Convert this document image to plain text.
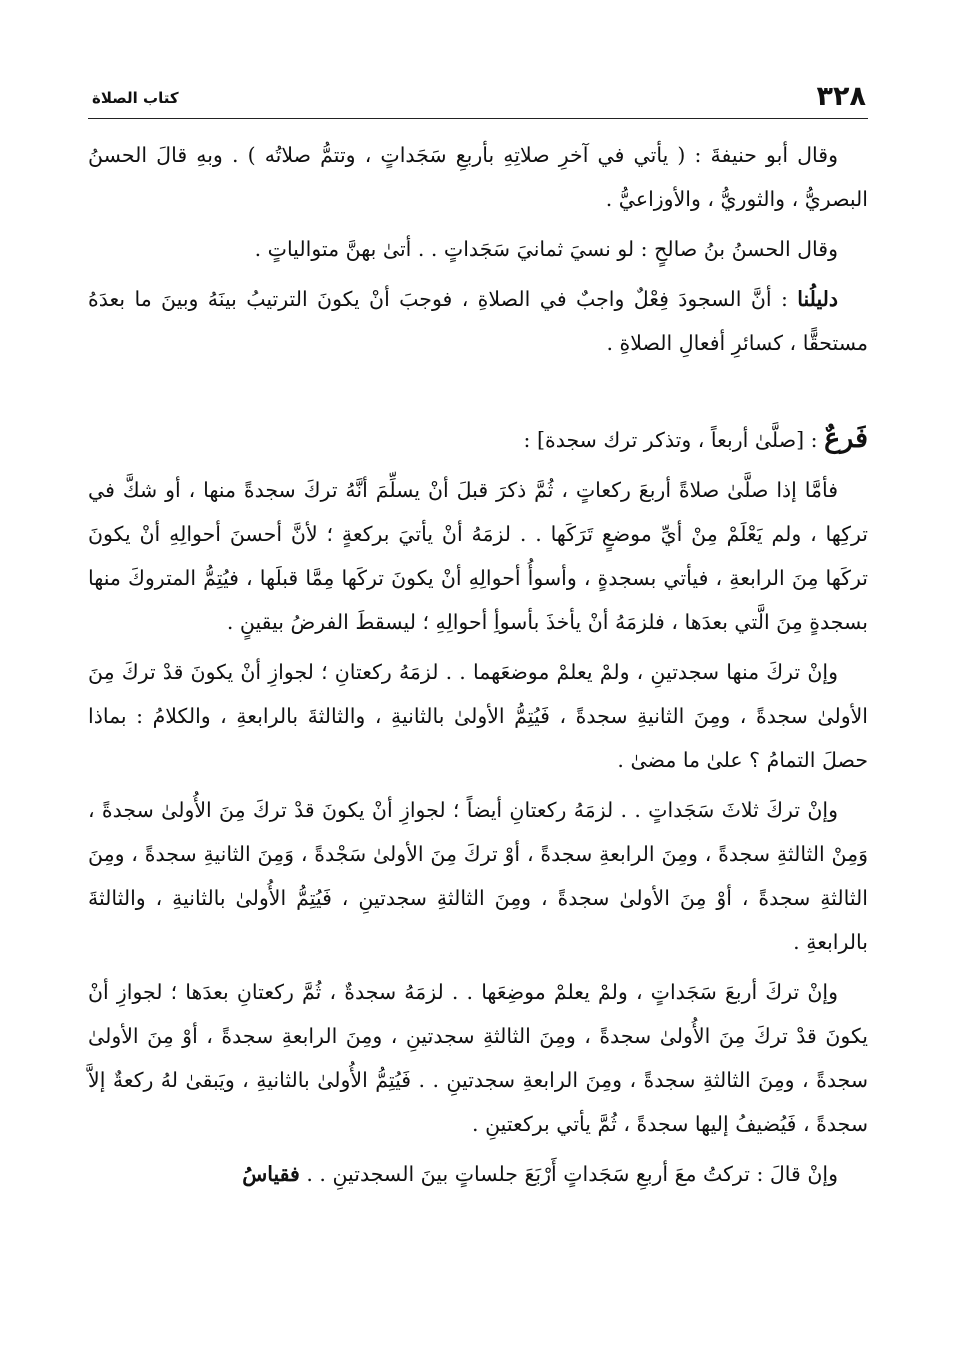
٣٢٨
كتاب الصلاة

وقال أبو حنيفةَ : ( يأتي في آخرِ صلاتِهِ بأربعِ سَجَداتٍ ، وتتمُّ صلاتُه ) . وبهِ قالَ الحسنُ البصريُّ ، والثوريُّ ، والأوزاعيُّ .

وقال الحسنُ بنُ صالحٍ : لو نسيَ ثمانيَ سَجَداتٍ . . أتىٰ بهنَّ متوالياتٍ .

دليلُنا : أنَّ السجودَ فِعْلٌ واجبٌ في الصلاةِ ، فوجبَ أنْ يكونَ الترتيبُ بينَهُ وبينَ ما بعدَهُ مستحقًّا ، كسائرِ أفعالِ الصلاةِ .

فَرعٌ : [صلَّىٰ أربعاً ، وتذكر ترك سجدة] :

فأمَّا إذا صلَّىٰ صلاةً أربعَ ركعاتٍ ، ثُمَّ ذكرَ قبلَ أنْ يسلِّمَ أنَّهُ تركَ سجدةً منها ، أو شكَّ في تركِها ، ولم يَعْلَمْ مِنْ أيِّ موضعٍ تَرَكَها . . لزمَهُ أنْ يأتيَ بركعةٍ ؛ لأنَّ أحسنَ أحوالِهِ أنْ يكونَ تركَها مِنَ الرابعةِ ، فيأتي بسجدةٍ ، وأسوأُ أحوالِهِ أنْ يكونَ تركَها مِمَّا قبلَها ، فيُتِمُّ المتروكَ منها بسجدةٍ مِنَ الَّتي بعدَها ، فلزمَهُ أنْ يأخذَ بأسوأِ أحوالِهِ ؛ ليسقطَ الفرضُ بيقينٍ .

وإنْ تركَ منها سجدتينِ ، ولمْ يعلمْ موضعَهما . . لزمَهُ ركعتانِ ؛ لجوازِ أنْ يكونَ قدْ تركَ مِنَ الأولىٰ سجدةً ، ومِنَ الثانيةِ سجدةً ، فَيُتِمُّ الأولىٰ بالثانيةِ ، والثالثةَ بالرابعةِ ، والكلامُ : بماذا حصلَ التمامُ ؟ علىٰ ما مضىٰ .

وإنْ تركَ ثلاثَ سَجَداتٍ . . لزمَهُ ركعتانِ أيضاً ؛ لجوازِ أنْ يكونَ قدْ تركَ مِنَ الأُولىٰ سجدةً ، وَمِنْ الثالثةِ سجدةً ، ومِنَ الرابعةِ سجدةً ، أوْ تركَ مِنَ الأولىٰ سَجْدةً ، وَمِنَ الثانيةِ سجدةً ، ومِنَ الثالثةِ سجدةً ، أوْ مِنَ الأولىٰ سجدةً ، ومِنَ الثالثةِ سجدتينِ ، فَيُتِمُّ الأُولىٰ بالثانيةِ ، والثالثةَ بالرابعةِ .

وإنْ تركَ أربعَ سَجَداتٍ ، ولمْ يعلمْ موضِعَها . . لزمَهُ سجدةٌ ، ثُمَّ ركعتانِ بعدَها ؛ لجوازِ أنْ يكونَ قدْ تركَ مِنَ الأُولىٰ سجدةً ، ومِنَ الثالثةِ سجدتينِ ، ومِنَ الرابعةِ سجدةً ، أوْ مِنَ الأولىٰ سجدةً ، ومِنَ الثالثةِ سجدةً ، ومِنَ الرابعةِ سجدتينِ . . فَيُتِمُّ الأُولىٰ بالثانيةِ ، ويَبقىٰ لهُ ركعةٌ إلاَّ سجدةً ، فَيُضيفُ إليها سجدةً ، ثُمَّ يأتي بركعتينِ .

وإنْ قالَ : تركتُ معَ أربعِ سَجَداتٍ أَرْبَعَ جلساتٍ بينَ السجدتينِ . . فقياسُ
